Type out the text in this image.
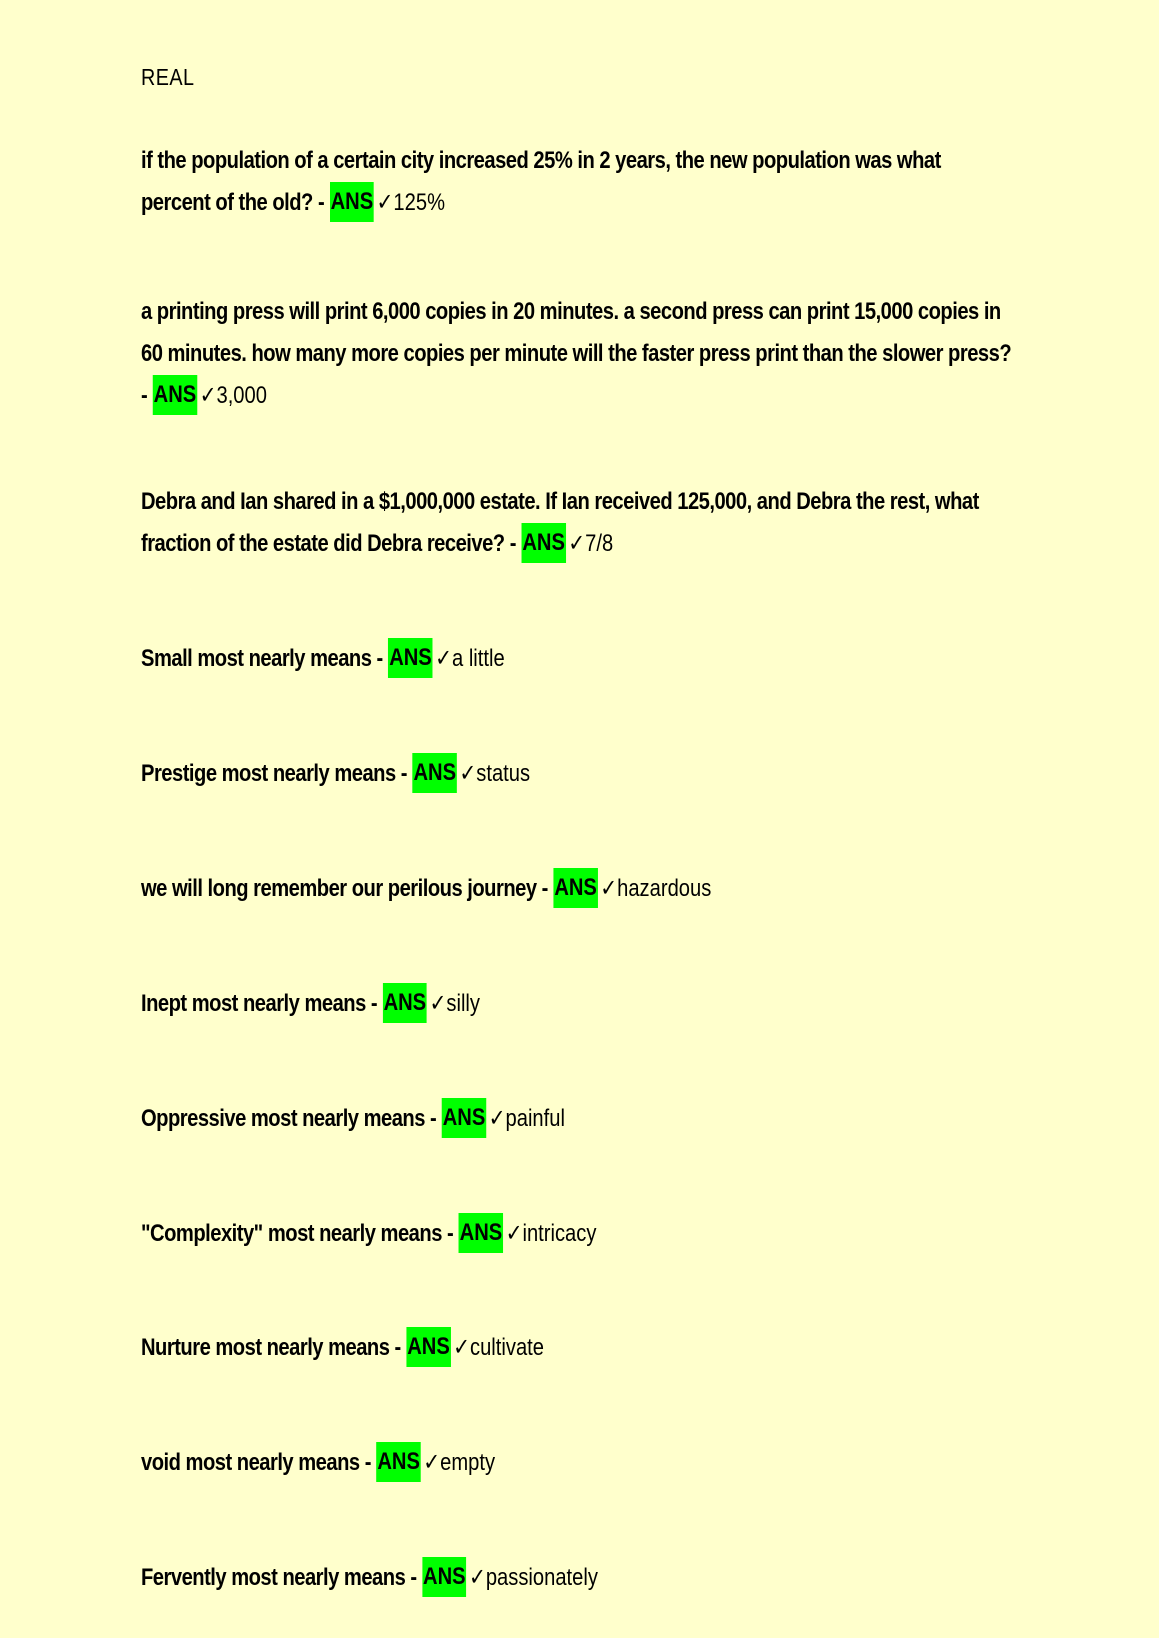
REAL
if the population of a certain city increased 25% in 2 years, the new population was what percent of the old? - ANS ✓125%
a printing press will print 6,000 copies in 20 minutes. a second press can print 15,000 copies in 60 minutes. how many more copies per minute will the faster press print than the slower press? - ANS ✓3,000
Debra and Ian shared in a $1,000,000 estate. If Ian received 125,000, and Debra the rest, what fraction of the estate did Debra receive? - ANS ✓7/8
Small most nearly means - ANS ✓a little
Prestige most nearly means - ANS ✓status
we will long remember our perilous journey - ANS ✓hazardous
Inept most nearly means - ANS ✓silly
Oppressive most nearly means - ANS ✓painful
"Complexity" most nearly means - ANS ✓intricacy
Nurture most nearly means - ANS ✓cultivate
void most nearly means - ANS ✓empty
Fervently most nearly means - ANS ✓passionately
